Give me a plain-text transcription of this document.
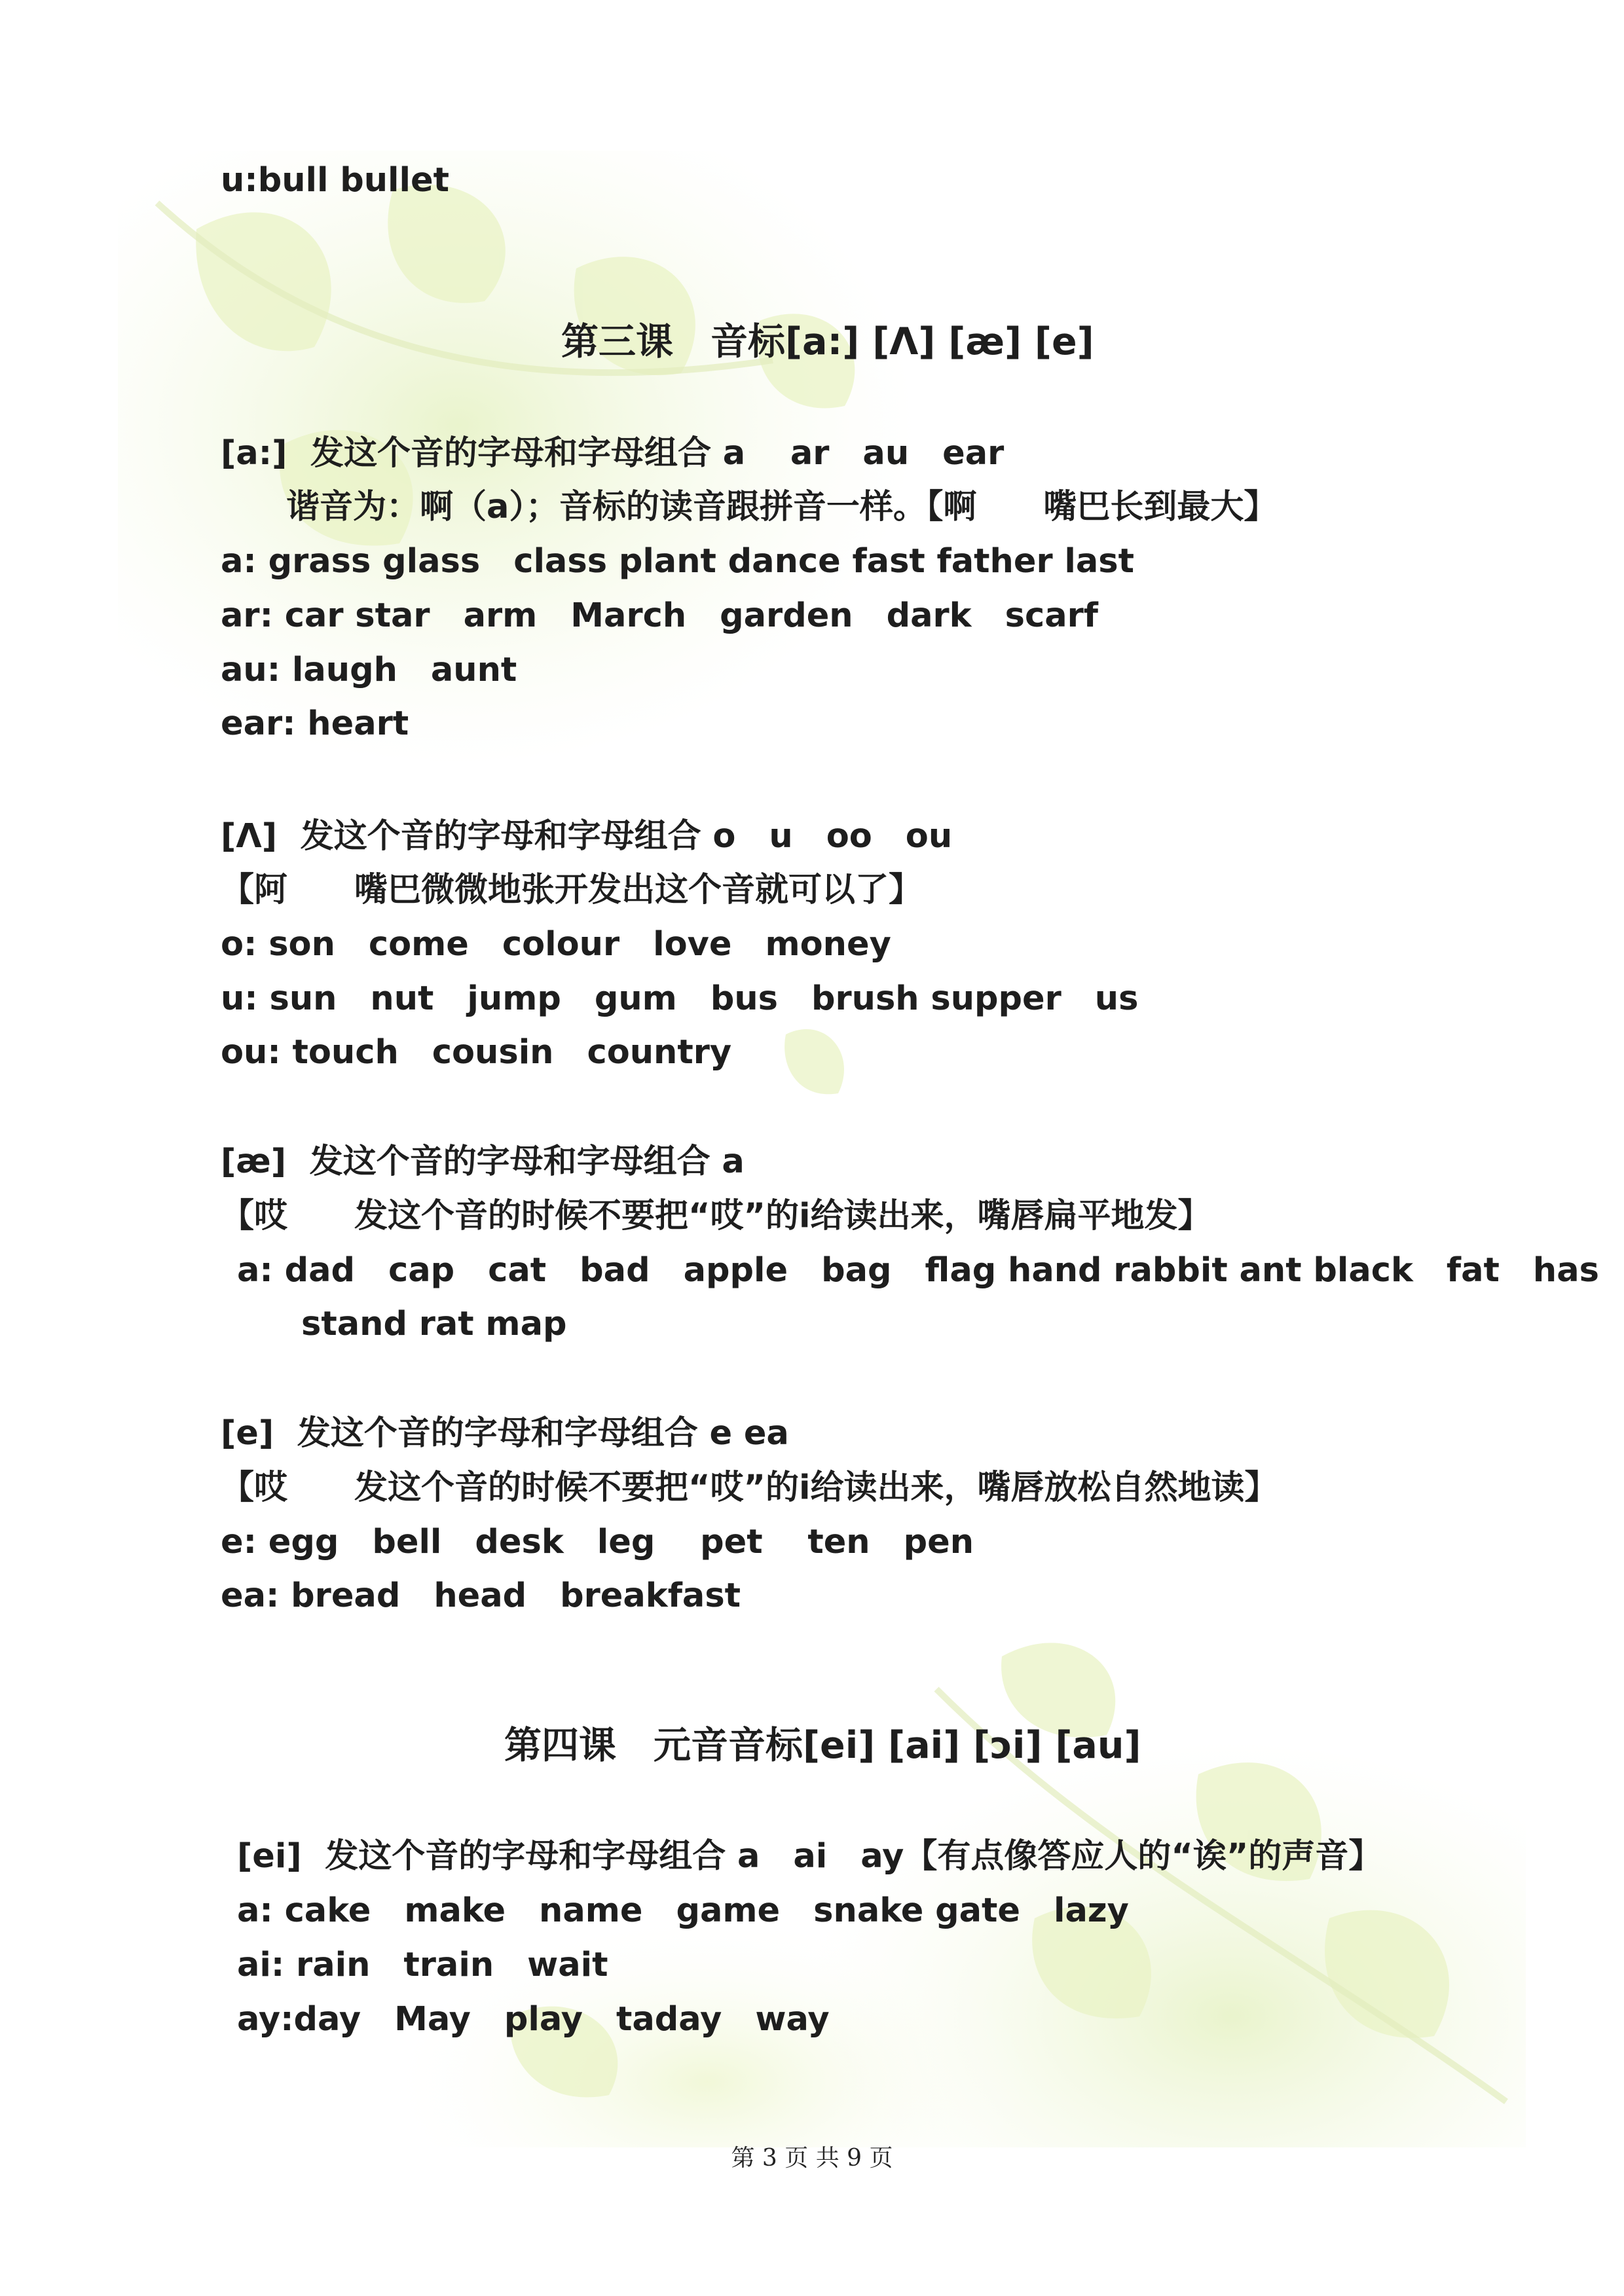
u:bull bullet
第三课　音标[a:] [Λ] [æ] [e]
[a:]  发这个音的字母和字母组合 a　 ar　au　ear
谐音为：啊（a）；音标的读音跟拼音一样。【啊　　嘴巴长到最大】
a: grass glass　class plant dance fast father last
ar: car star　arm　March　garden　dark　scarf
au: laugh　aunt
ear: heart
[Λ]  发这个音的字母和字母组合 o　u　oo　ou
【阿　　嘴巴微微地张开发出这个音就可以了】
o: son　come　colour　love　money
u: sun　nut　jump　gum　bus　brush supper　us
ou: touch　cousin　country
[æ]  发这个音的字母和字母组合 a
【哎　　发这个音的时候不要把“哎”的i给读出来，嘴唇扁平地发】
a: dad　cap　cat　bad　apple　bag　flag hand rabbit ant black　fat　has
stand rat map
[e]  发这个音的字母和字母组合 e ea
【哎　　发这个音的时候不要把“哎”的i给读出来，嘴唇放松自然地读】
e: egg　bell　desk　leg　 pet　 ten　pen
ea: bread　head　breakfast
第四课　元音音标[ei] [ai] [ɔi] [au]
[ei]  发这个音的字母和字母组合 a　ai　ay【有点像答应人的“诶”的声音】
a: cake　make　name　game　snake gate　lazy
ai: rain　train　wait
ay:day　May　play　taday　way
第 3 页 共 9 页
